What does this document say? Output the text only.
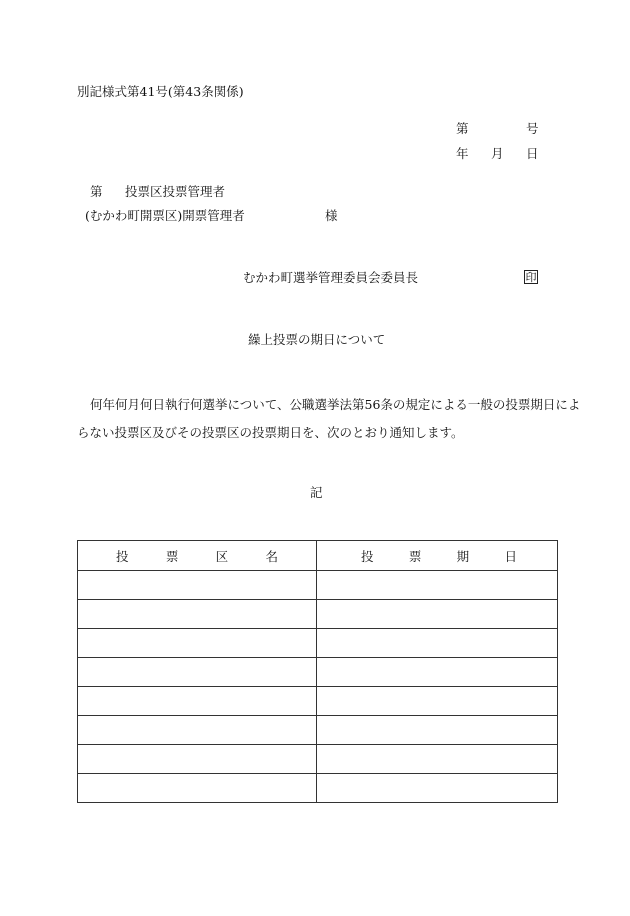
別記様式第41号(第43条関係)
第	号
年 月 日
第 投票区投票管理者
(むかわ町開票区)開票管理者	様
むかわ町選挙管理委員会委員長	印
繰上投票の期日について
何年何月何日執行何選挙について、公職選挙法第56条の規定による一般の投票期日によ
らない投票区及びその投票区の投票期日を、次のとおり通知します。
記
投 票 区 名	投 票 期 日
